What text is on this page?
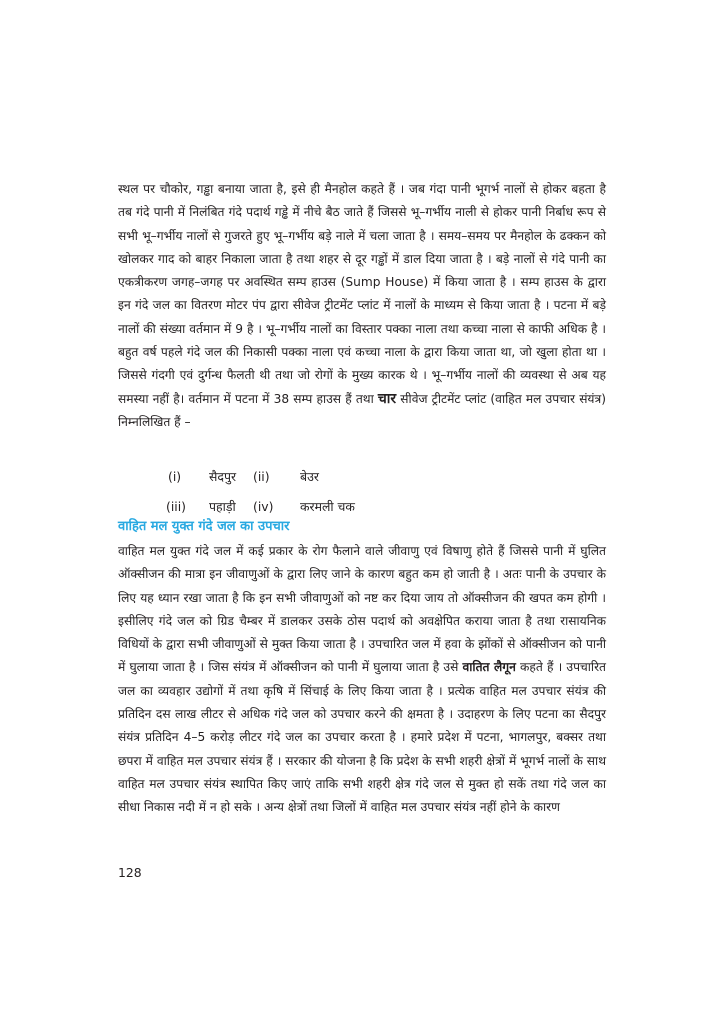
स्थल पर चौकोर, गड्ढा बनाया जाता है, इसे ही मैनहोल कहते हैं । जब गंदा पानी भूगर्भ नालों से होकर बहता है तब गंदे पानी में निलंबित गंदे पदार्थ गड्ढे में नीचे बैठ जाते हैं जिससे भू–गर्भीय नाली से होकर पानी निर्बाध रूप से सभी भू–गर्भीय नालों से गुजरते हुए भू–गर्भीय बड़े नाले में चला जाता है । समय–समय पर मैनहोल के ढक्कन को खोलकर गाद को बाहर निकाला जाता है तथा शहर से दूर गड्ढों में डाल दिया जाता है । बड़े नालों से गंदे पानी का एकत्रीकरण जगह–जगह पर अवस्थित सम्प हाउस (Sump House) में किया जाता है । सम्प हाउस के द्वारा इन गंदे जल का वितरण मोटर पंप द्वारा सीवेज ट्रीटमेंट प्लांट में नालों के माध्यम से किया जाता है । पटना में बड़े नालों की संख्या वर्तमान में 9 है । भू–गर्भीय नालों का विस्तार पक्का नाला तथा कच्चा नाला से काफी अधिक है । बहुत वर्ष पहले गंदे जल की निकासी पक्का नाला एवं कच्चा नाला के द्वारा किया जाता था, जो खुला होता था । जिससे गंदगी एवं दुर्गन्ध फैलती थी तथा जो रोगों के मुख्य कारक थे । भू–गर्भीय नालों की व्यवस्था से अब यह समस्या नहीं है। वर्तमान में पटना में 38 सम्प हाउस हैं तथा चार सीवेज ट्रीटमेंट प्लांट (वाहित मल उपचार संयंत्र) निम्नलिखित हैं –

(i) सैदपुर (ii) बेउर
(iii) पहाड़ी (iv) करमली चक
वाहित मल युक्त गंदे जल का उपचार

वाहित मल युक्त गंदे जल में कई प्रकार के रोग फैलाने वाले जीवाणु एवं विषाणु होते हैं जिससे पानी में घुलित ऑक्सीजन की मात्रा इन जीवाणुओं के द्वारा लिए जाने के कारण बहुत कम हो जाती है । अतः पानी के उपचार के लिए यह ध्यान रखा जाता है कि इन सभी जीवाणुओं को नष्ट कर दिया जाय तो ऑक्सीजन की खपत कम होगी । इसीलिए गंदे जल को ग्रिड चैम्बर में डालकर उसके ठोस पदार्थ को अवक्षेपित कराया जाता है तथा रासायनिक विधियों के द्वारा सभी जीवाणुओं से मुक्त किया जाता है । उपचारित जल में हवा के झोंकों से ऑक्सीजन को पानी में घुलाया जाता है । जिस संयंत्र में ऑक्सीजन को पानी में घुलाया जाता है उसे वातित लैगून कहते हैं । उपचारित जल का व्यवहार उद्योगों में तथा कृषि में सिंचाई के लिए किया जाता है । प्रत्येक वाहित मल उपचार संयंत्र की प्रतिदिन दस लाख लीटर से अधिक गंदे जल को उपचार करने की क्षमता है । उदाहरण के लिए पटना का सैदपुर संयंत्र प्रतिदिन 4–5 करोड़ लीटर गंदे जल का उपचार करता है । हमारे प्रदेश में पटना, भागलपुर, बक्सर तथा छपरा में वाहित मल उपचार संयंत्र हैं । सरकार की योजना है कि प्रदेश के सभी शहरी क्षेत्रों में भूगर्भ नालों के साथ वाहित मल उपचार संयंत्र स्थापित किए जाएं ताकि सभी शहरी क्षेत्र गंदे जल से मुक्त हो सकें तथा गंदे जल का सीधा निकास नदी में न हो सके । अन्य क्षेत्रों तथा जिलों में वाहित मल उपचार संयंत्र नहीं होने के कारण

128
